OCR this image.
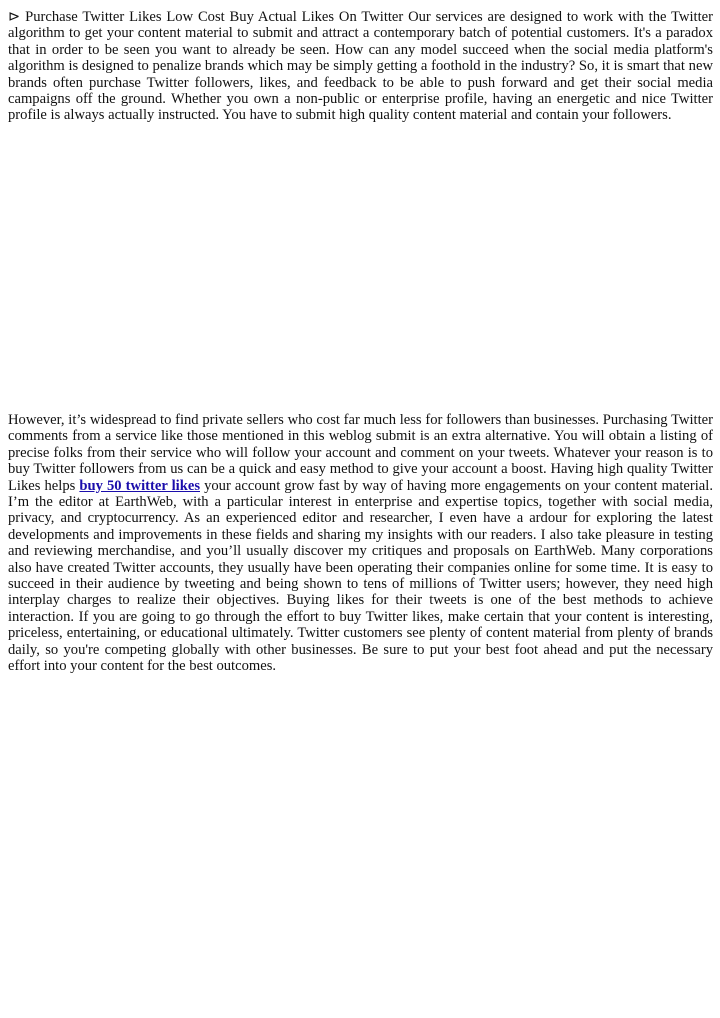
⊳ Purchase Twitter Likes Low Cost Buy Actual Likes On Twitter Our services are designed to work with the Twitter algorithm to get your content material to submit and attract a contemporary batch of potential customers. It's a paradox that in order to be seen you want to already be seen. How can any model succeed when the social media platform's algorithm is designed to penalize brands which may be simply getting a foothold in the industry? So, it is smart that new brands often purchase Twitter followers, likes, and feedback to be able to push forward and get their social media campaigns off the ground. Whether you own a non-public or enterprise profile, having an energetic and nice Twitter profile is always actually instructed. You have to submit high quality content material and contain your followers.

However, it’s widespread to find private sellers who cost far much less for followers than businesses. Purchasing Twitter comments from a service like those mentioned in this weblog submit is an extra alternative. You will obtain a listing of precise folks from their service who will follow your account and comment on your tweets. Whatever your reason is to buy Twitter followers from us can be a quick and easy method to give your account a boost. Having high quality Twitter Likes helps buy 50 twitter likes your account grow fast by way of having more engagements on your content material. I’m the editor at EarthWeb, with a particular interest in enterprise and expertise topics, together with social media, privacy, and cryptocurrency. As an experienced editor and researcher, I even have a ardour for exploring the latest developments and improvements in these fields and sharing my insights with our readers. I also take pleasure in testing and reviewing merchandise, and you’ll usually discover my critiques and proposals on EarthWeb. Many corporations also have created Twitter accounts, they usually have been operating their companies online for some time. It is easy to succeed in their audience by tweeting and being shown to tens of millions of Twitter users; however, they need high interplay charges to realize their objectives. Buying likes for their tweets is one of the best methods to achieve interaction. If you are going to go through the effort to buy Twitter likes, make certain that your content is interesting, priceless, entertaining, or educational ultimately. Twitter customers see plenty of content material from plenty of brands daily, so you're competing globally with other businesses. Be sure to put your best foot ahead and put the necessary effort into your content for the best outcomes.
